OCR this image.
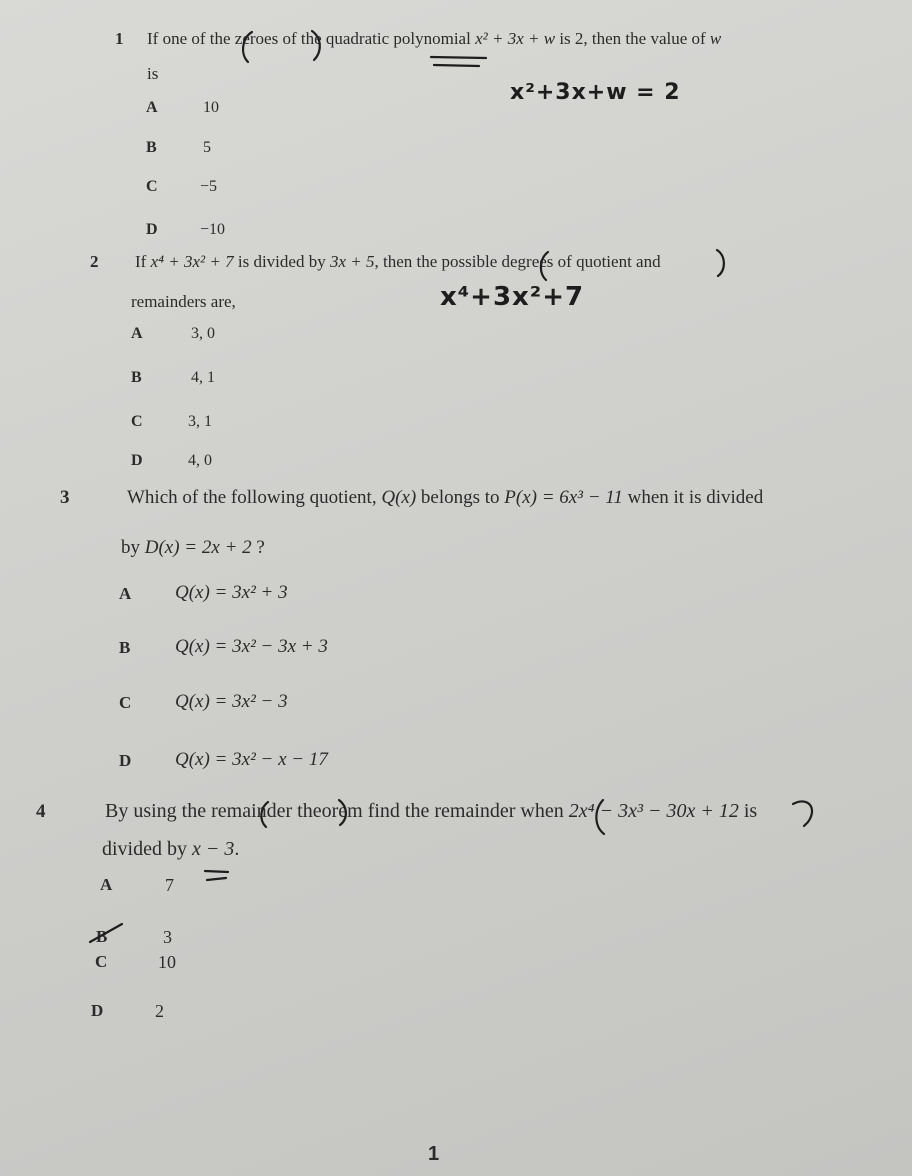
1 If one of the zeroes of the quadratic polynomial x² + 3x + w is 2, then the value of w
is
A	10
B	5
C	−5
D	−10
x²+3x+w = 2
2 If x⁴ + 3x² + 7 is divided by 3x + 5, then the possible degrees of quotient and
remainders are,
A	3, 0
B	4, 1
C	3, 1
D	4, 0
x⁴+3x²+7
3	Which of the following quotient, Q(x) belongs to P(x) = 6x³ − 11 when it is divided
by D(x) = 2x + 2 ?
A Q(x) = 3x² + 3
B Q(x) = 3x² − 3x + 3
C Q(x) = 3x² − 3
D Q(x) = 3x² − x − 17
4	By using the remainder theorem find the remainder when 2x⁴ − 3x³ − 30x + 12 is
divided by x − 3.
A	7
B	3
C	10
D	2
1
